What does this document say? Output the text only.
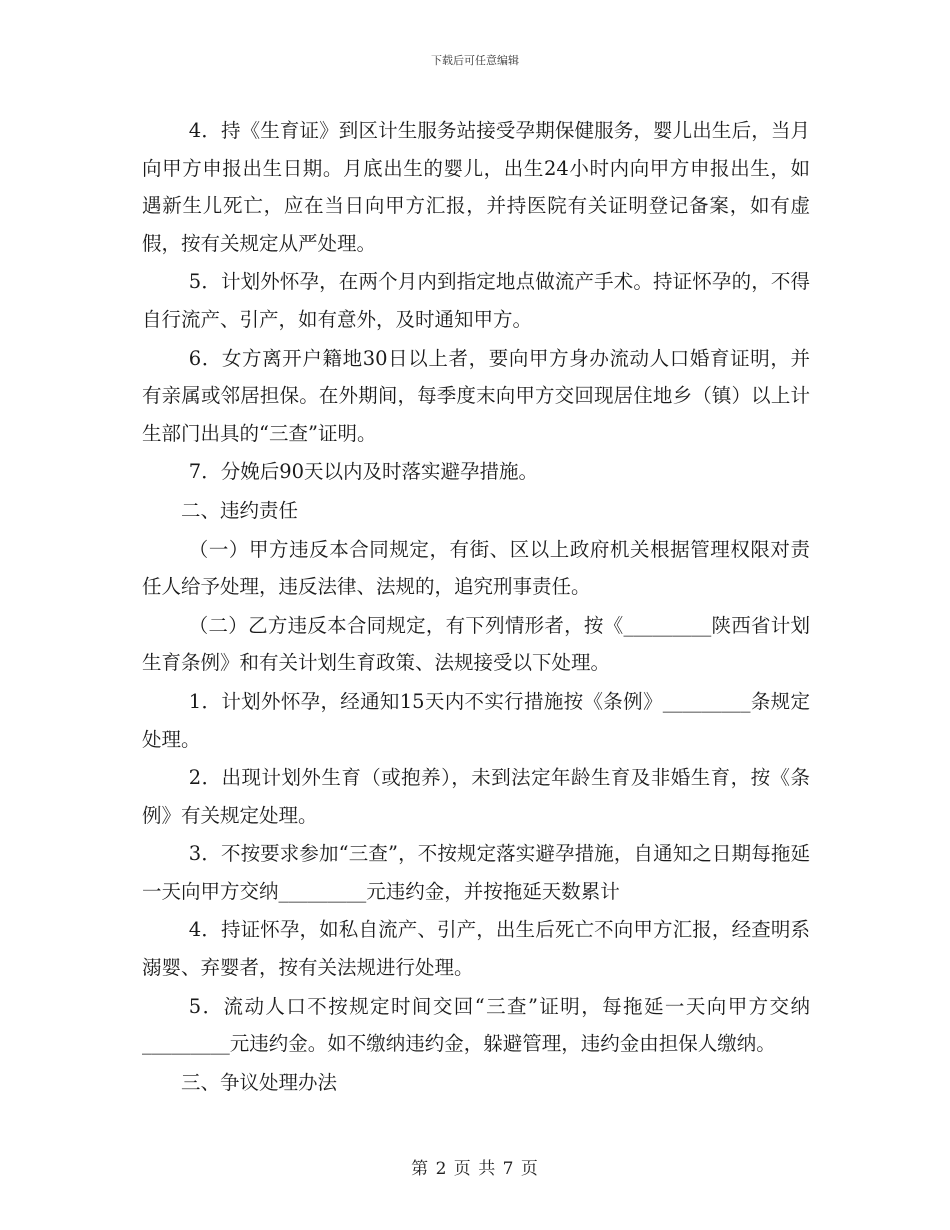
下载后可任意编辑

4．持《生育证》到区计生服务站接受孕期保健服务，婴儿出生后，当月向甲方申报出生日期。月底出生的婴儿，出生24小时内向甲方申报出生，如遇新生儿死亡，应在当日向甲方汇报，并持医院有关证明登记备案，如有虚假，按有关规定从严处理。

5．计划外怀孕，在两个月内到指定地点做流产手术。持证怀孕的，不得自行流产、引产，如有意外，及时通知甲方。

6．女方离开户籍地30日以上者，要向甲方身办流动人口婚育证明，并有亲属或邻居担保。在外期间，每季度末向甲方交回现居住地乡（镇）以上计生部门出具的“三查”证明。

7．分娩后90天以内及时落实避孕措施。

二、违约责任

（一）甲方违反本合同规定，有街、区以上政府机关根据管理权限对责任人给予处理，违反法律、法规的，追究刑事责任。

（二）乙方违反本合同规定，有下列情形者，按《_________陕西省计划生育条例》和有关计划生育政策、法规接受以下处理。

1．计划外怀孕，经通知15天内不实行措施按《条例》_________条规定处理。

2．出现计划外生育（或抱养），未到法定年龄生育及非婚生育，按《条例》有关规定处理。

3．不按要求参加“三查”，不按规定落实避孕措施，自通知之日期每拖延一天向甲方交纳_________元违约金，并按拖延天数累计

4．持证怀孕，如私自流产、引产，出生后死亡不向甲方汇报，经查明系溺婴、弃婴者，按有关法规进行处理。

5．流动人口不按规定时间交回“三查”证明，每拖延一天向甲方交纳_________元违约金。如不缴纳违约金，躲避管理，违约金由担保人缴纳。

三、争议处理办法

第 2 页 共 7 页
